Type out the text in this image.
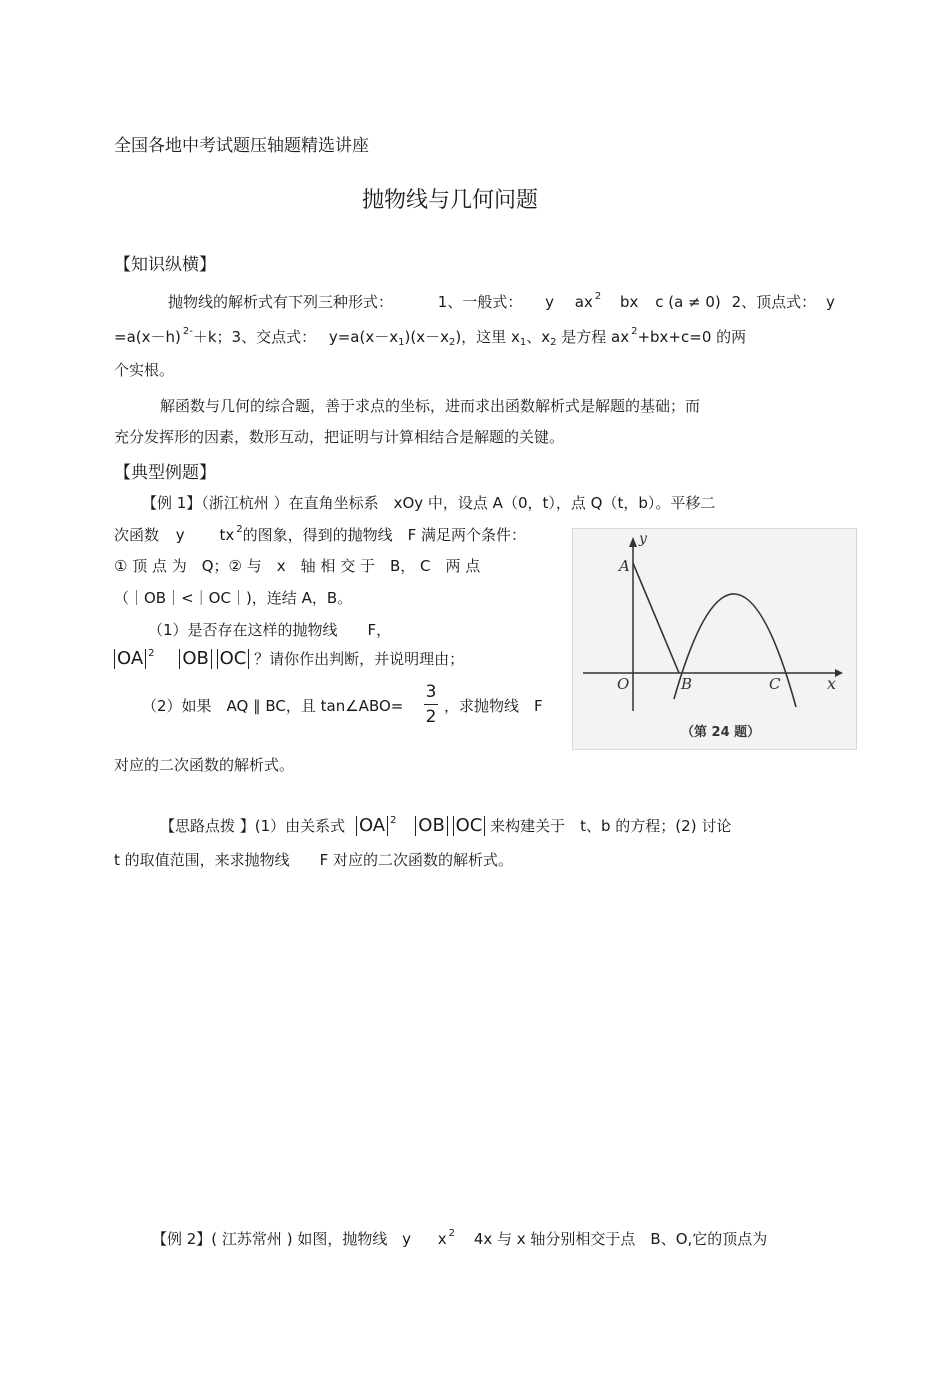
全国各地中考试题压轴题精选讲座
抛物线与几何问题
【知识纵横】
抛物线的解析式有下列三种形式：	1、一般式： y ax $^2$ bx c (a ≠ 0) 2、顶点式： y
=a(x－h) $^{2-}$＋k；3、交点式： $y=a(x-x_1)(x-x_2)$，这里 $x_1$、$x_2$ 是方程 ax $^2$+bx+c=0 的两
个实根。
解函数与几何的综合题，善于求点的坐标，进而求出函数解析式是解题的基础；而
充分发挥形的因素，数形互动，把证明与计算相结合是解题的关键。
【典型例题】
【例 1】（浙江杭州 ）在直角坐标系　xOy 中，设点 A（0，t），点 Q（t，b）。平移二
次函数 y tx $^2$的图象，得到的抛物线　F 满足两个条件：
① 顶 点 为　Q；② 与　x　轴 相 交 于　B， C　两 点
（｜OB｜<｜OC｜)，连结 A，B。
（1）是否存在这样的抛物线　　F，
OA $^2$ OB OC ？请你作出判断，并说明理由；
（2）如果　AQ ∥ BC，且 tan∠ABO=
3
2
，求抛物线　F
对应的二次函数的解析式。
y
x
A
O	B	C
（第 24 题）
【思路点拨 】(1）由关系式 OA $^2$ OB OC 来构建关于　t、b 的方程；(2) 讨论
t 的取值范围，来求抛物线　　F 对应的二次函数的解析式。
【例 2】( 江苏常州 ) 如图，抛物线 y x $^2$ 4x 与 x 轴分别相交于点　B、O,它的顶点为
